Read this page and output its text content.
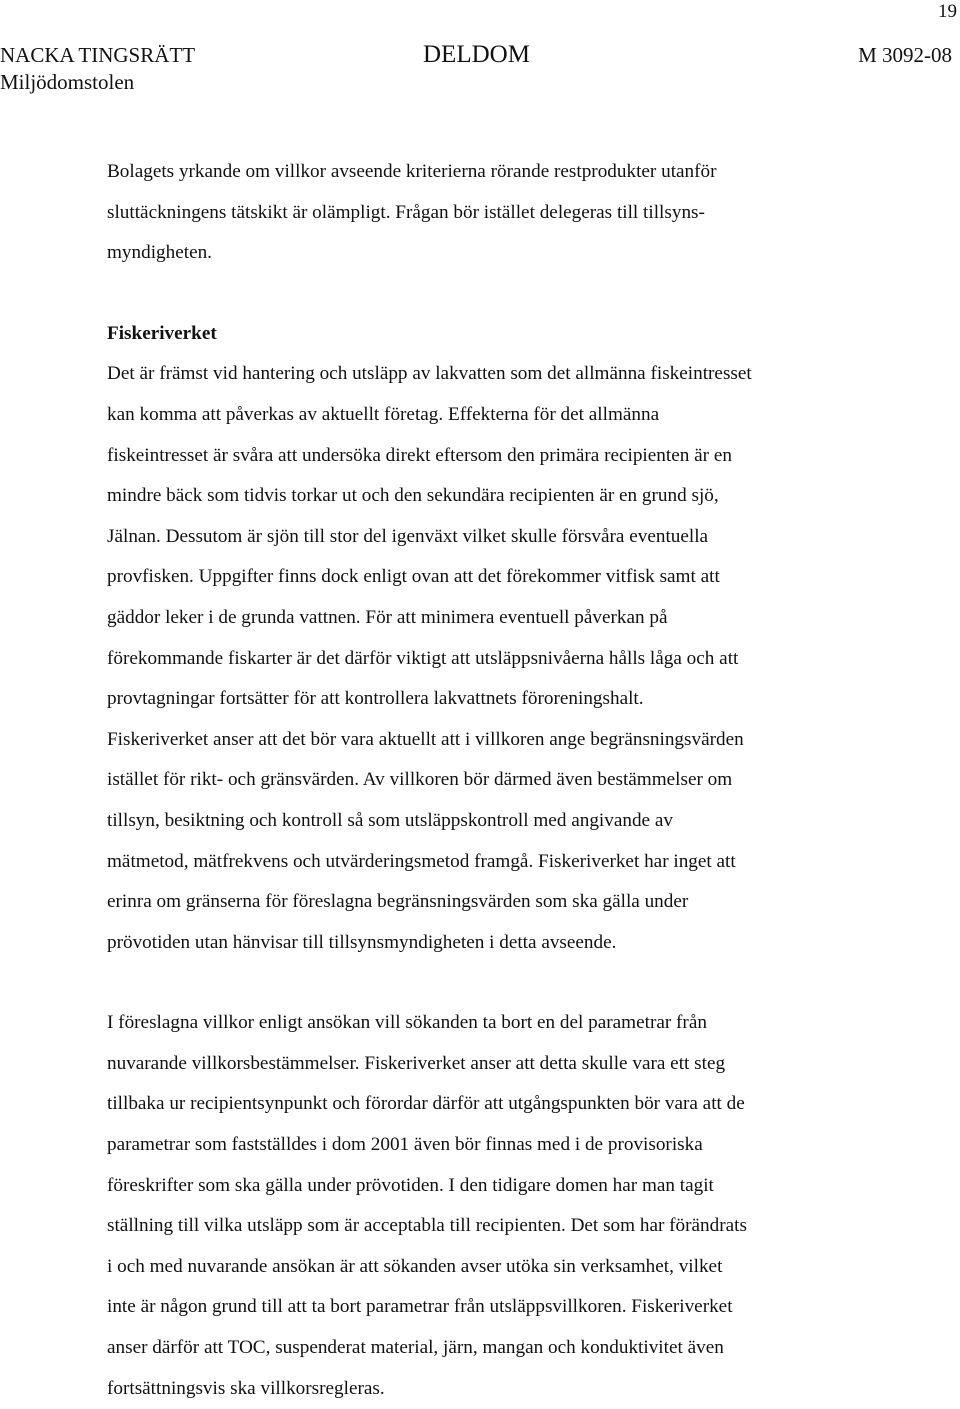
19
NACKA TINGSRÄTT	DELDOM	M 3092-08
Miljödomstolen

Bolagets yrkande om villkor avseende kriterierna rörande restprodukter utanför
sluttäckningens tätskikt är olämpligt. Frågan bör istället delegeras till tillsyns-
myndigheten.

Fiskeriverket

Det är främst vid hantering och utsläpp av lakvatten som det allmänna fiskeintresset
kan komma att påverkas av aktuellt företag. Effekterna för det allmänna
fiskeintresset är svåra att undersöka direkt eftersom den primära recipienten är en
mindre bäck som tidvis torkar ut och den sekundära recipienten är en grund sjö,
Jälnan. Dessutom är sjön till stor del igenväxt vilket skulle försvåra eventuella
provfisken. Uppgifter finns dock enligt ovan att det förekommer vitfisk samt att
gäddor leker i de grunda vattnen. För att minimera eventuell påverkan på
förekommande fiskarter är det därför viktigt att utsläppsnivåerna hålls låga och att
provtagningar fortsätter för att kontrollera lakvattnets föroreningshalt.
Fiskeriverket anser att det bör vara aktuellt att i villkoren ange begränsningsvärden
istället för rikt- och gränsvärden. Av villkoren bör därmed även bestämmelser om
tillsyn, besiktning och kontroll så som utsläppskontroll med angivande av
mätmetod, mätfrekvens och utvärderingsmetod framgå. Fiskeriverket har inget att
erinra om gränserna för föreslagna begränsningsvärden som ska gälla under
prövotiden utan hänvisar till tillsynsmyndigheten i detta avseende.

I föreslagna villkor enligt ansökan vill sökanden ta bort en del parametrar från
nuvarande villkorsbestämmelser. Fiskeriverket anser att detta skulle vara ett steg
tillbaka ur recipientsynpunkt och förordar därför att utgångspunkten bör vara att de
parametrar som fastställdes i dom 2001 även bör finnas med i de provisoriska
föreskrifter som ska gälla under prövotiden. I den tidigare domen har man tagit
ställning till vilka utsläpp som är acceptabla till recipienten. Det som har förändrats
i och med nuvarande ansökan är att sökanden avser utöka sin verksamhet, vilket
inte är någon grund till att ta bort parametrar från utsläppsvillkoren. Fiskeriverket
anser därför att TOC, suspenderat material, järn, mangan och konduktivitet även
fortsättningsvis ska villkorsregleras.
